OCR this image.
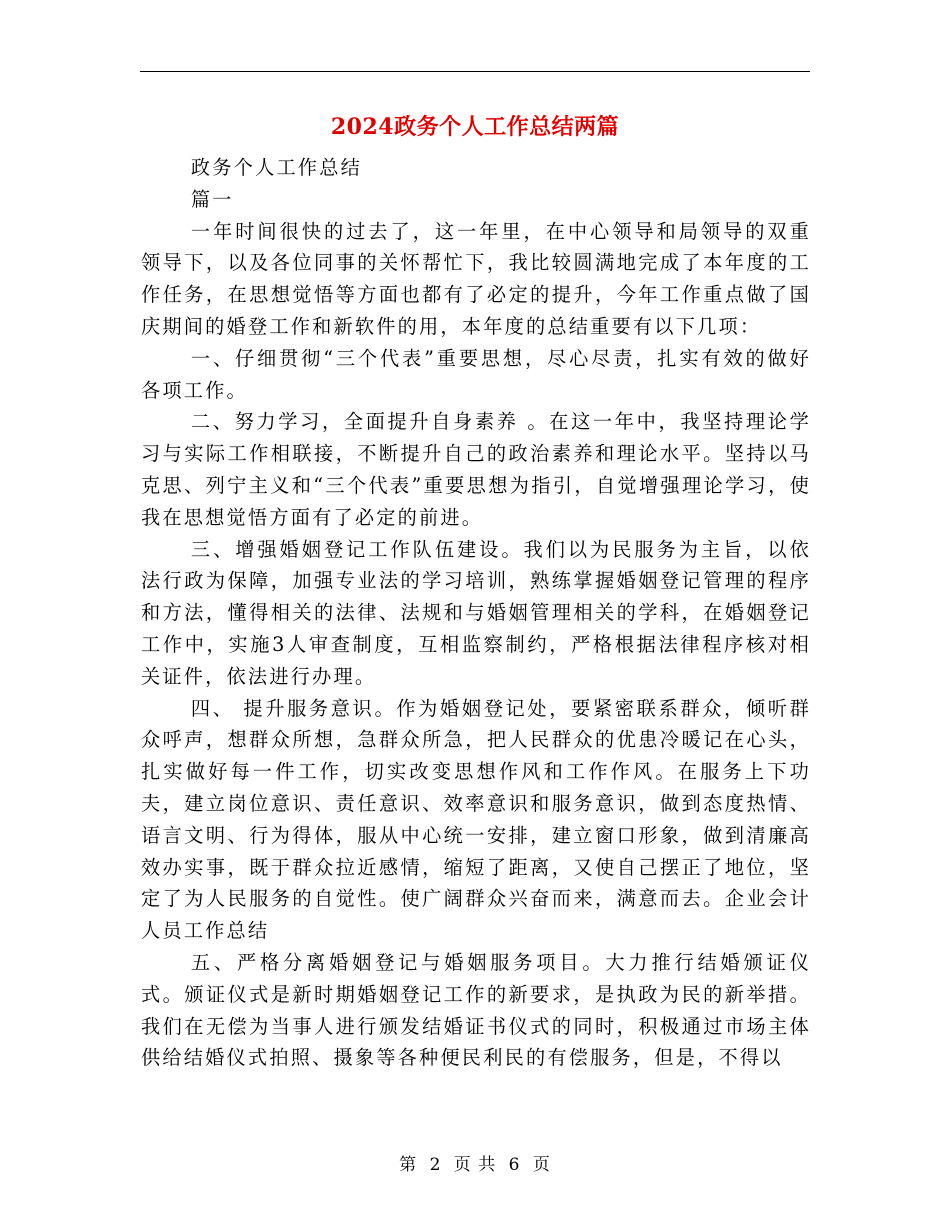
2024政务个人工作总结两篇

政务个人工作总结

篇一

一年时间很快的过去了，这一年里，在中心领导和局领导的双重领导下，以及各位同事的关怀帮忙下，我比较圆满地完成了本年度的工作任务，在思想觉悟等方面也都有了必定的提升，今年工作重点做了国庆期间的婚登工作和新软件的用，本年度的总结重要有以下几项：

一、仔细贯彻“三个代表”重要思想，尽心尽责，扎实有效的做好各项工作。

二、努力学习，全面提升自身素养 。在这一年中，我坚持理论学习与实际工作相联接，不断提升自己的政治素养和理论水平。坚持以马克思、列宁主义和“三个代表”重要思想为指引，自觉增强理论学习，使我在思想觉悟方面有了必定的前进。

三、增强婚姻登记工作队伍建设。我们以为民服务为主旨，以依法行政为保障，加强专业法的学习培训，熟练掌握婚姻登记管理的程序和方法，懂得相关的法律、法规和与婚姻管理相关的学科，在婚姻登记工作中，实施3人审查制度，互相监察制约，严格根据法律程序核对相关证件，依法进行办理。

四、 提升服务意识。作为婚姻登记处，要紧密联系群众，倾听群众呼声，想群众所想，急群众所急，把人民群众的优患冷暖记在心头，扎实做好每一件工作，切实改变思想作风和工作作风。在服务上下功夫，建立岗位意识、责任意识、效率意识和服务意识，做到态度热情、语言文明、行为得体，服从中心统一安排，建立窗口形象，做到清廉高效办实事，既于群众拉近感情，缩短了距离，又使自己摆正了地位，坚定了为人民服务的自觉性。使广阔群众兴奋而来，满意而去。企业会计人员工作总结

五、严格分离婚姻登记与婚姻服务项目。大力推行结婚颁证仪式。颁证仪式是新时期婚姻登记工作的新要求，是执政为民的新举措。我们在无偿为当事人进行颁发结婚证书仪式的同时，积极通过市场主体供给结婚仪式拍照、摄象等各种便民利民的有偿服务，但是，不得以

第 2 页 共 6 页
